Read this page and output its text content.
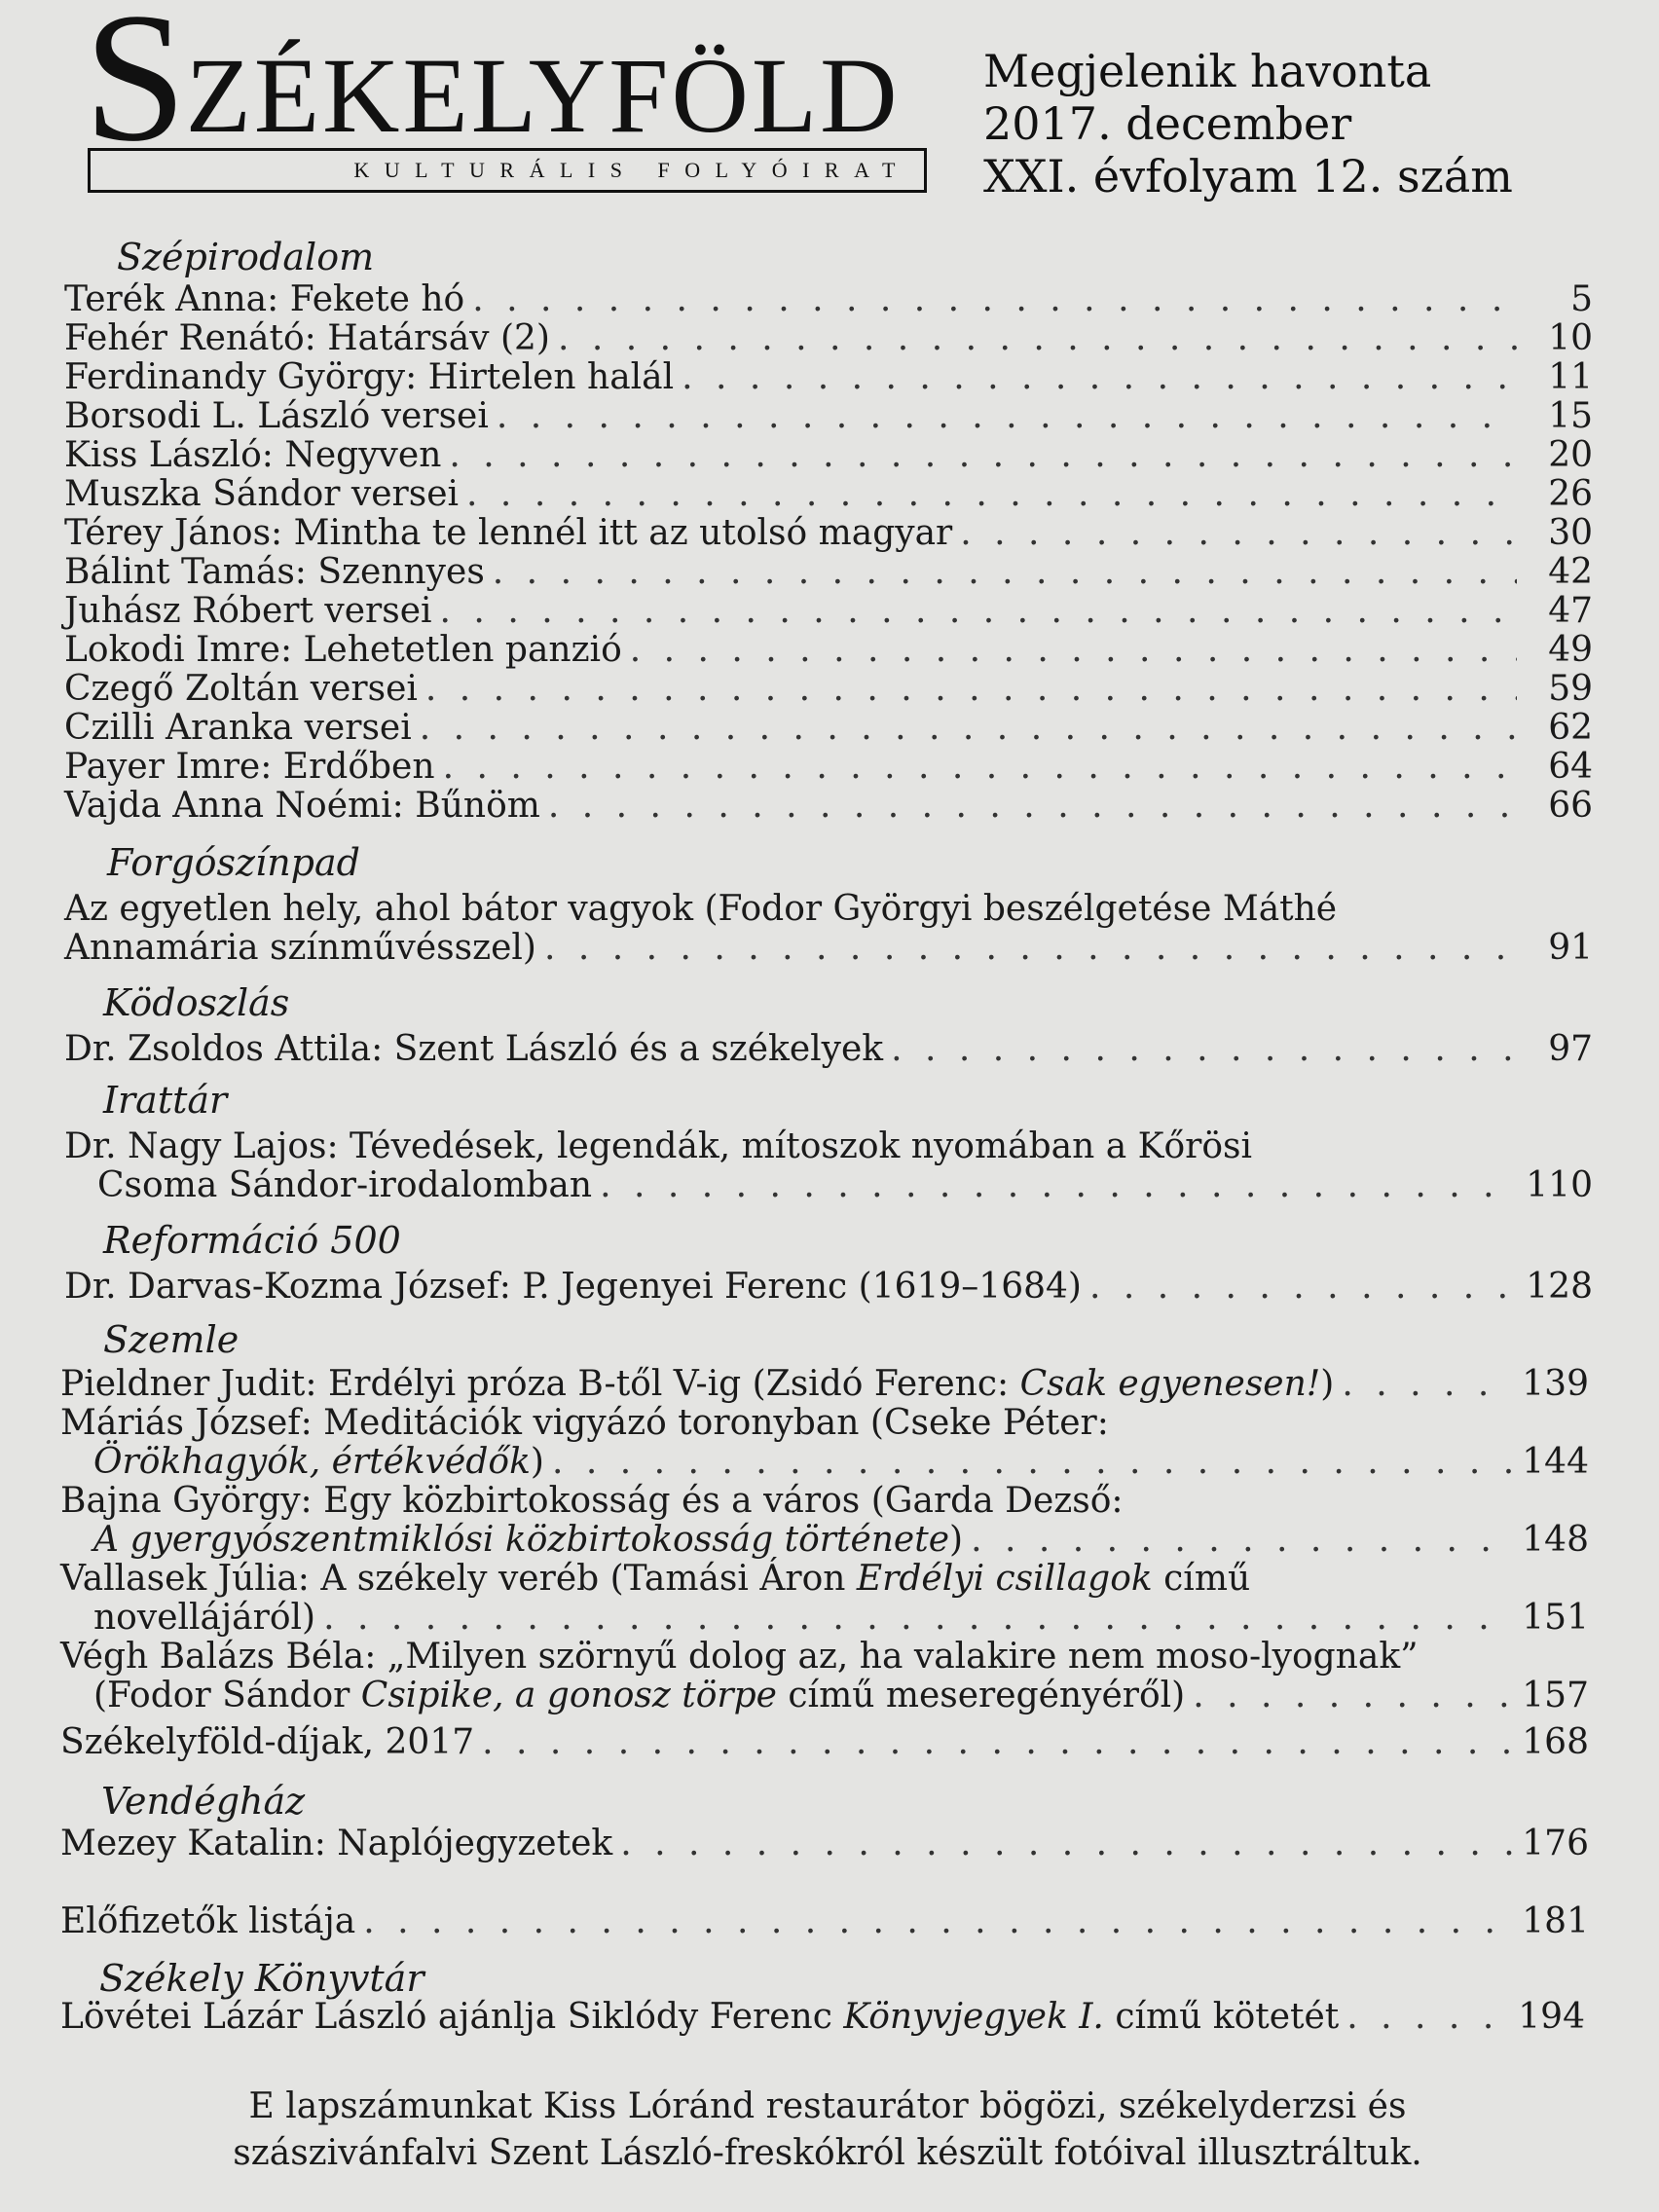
SZÉKELYFÖLD
KULTURÁLIS FOLYÓIRAT
Megjelenik havonta
2017. december
XXI. évfolyam 12. szám
Szépirodalom
Terék Anna: Fekete hó . . .	5
Fehér Renátó: Határsáv (2) . . .	10
Ferdinandy György: Hirtelen halál . . .	11
Borsodi L. László versei . . .	15
Kiss László: Negyven . . .	20
Muszka Sándor versei . . .	26
Térey János: Mintha te lennél itt az utolsó magyar . . .	30
Bálint Tamás: Szennyes . . .	42
Juhász Róbert versei . . .	47
Lokodi Imre: Lehetetlen panzió . . .	49
Czegő Zoltán versei . . .	59
Czilli Aranka versei . . .	62
Payer Imre: Erdőben . . .	64
Vajda Anna Noémi: Bűnöm . . .	66
Forgószínpad
Az egyetlen hely, ahol bátor vagyok (Fodor Györgyi beszélgetése Máthé
Annamária színművésszel) . . .	91
Ködoszlás
Dr. Zsoldos Attila: Szent László és a székelyek . . .	97
Irattár
Dr. Nagy Lajos: Tévedések, legendák, mítoszok nyomában a Kőrösi
Csoma Sándor-irodalomban . . .	110
Reformáció 500
Dr. Darvas-Kozma József: P. Jegenyei Ferenc (1619–1684) . . .	128
Szemle
Pieldner Judit: Erdélyi próza B-től V-ig (Zsidó Ferenc: Csak egyenesen!) . . .	139
Máriás József: Meditációk vigyázó toronyban (Cseke Péter:
Örökhagyók, értékvédők) . . .	144
Bajna György: Egy közbirtokosság és a város (Garda Dezső:
A gyergyószentmiklósi közbirtokosság története) . . .	148
Vallasek Júlia: A székely veréb (Tamási Áron Erdélyi csillagok című
novellájáról) . . .	151
Végh Balázs Béla: „Milyen szörnyű dolog az, ha valakire nem moso-lyognak”
(Fodor Sándor Csipike, a gonosz törpe című meseregényéről) . . .	157
Székelyföld-díjak, 2017 . . .	168
Vendégház
Mezey Katalin: Naplójegyzetek . . .	176
Előfizetők listája . . .	181
Székely Könyvtár
Lövétei Lázár László ajánlja Siklódy Ferenc Könyvjegyek I. című kötetét . . .	194
E lapszámunkat Kiss Lóránd restaurátor bögözi, székelyderzsi és
szászivánfalvi Szent László-freskókról készült fotóival illusztráltuk.
